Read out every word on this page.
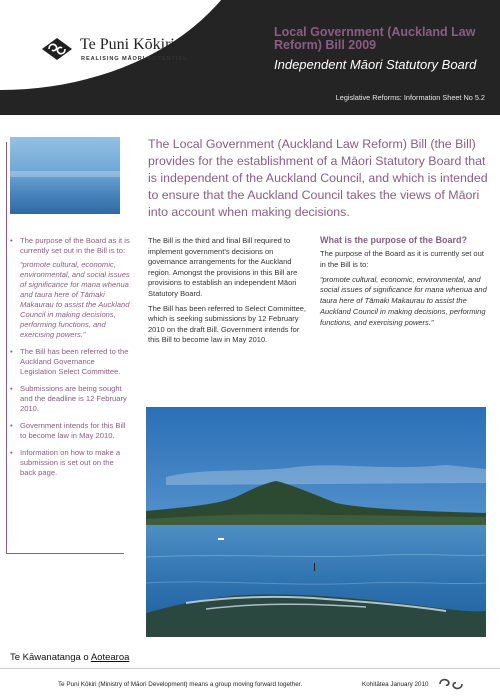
Te Puni Kōkiri
REALISING MĀORI POTENTIAL
Local Government (Auckland Law Reform) Bill 2009
Independent Māori Statutory Board
Legislative Reforms: Information Sheet No 5.2
• The purpose of the Board as it is currently set out in the Bill is to:
“promote cultural, economic, environmental, and social issues of significance for mana whenua and taura here of Tāmaki Makaurau to assist the Auckland Council in making decisions, performing functions, and exercising powers.”
• The Bill has been referred to the Auckland Governance Legislation Select Committee.
• Submissions are being sought and the deadline is 12 February 2010.
• Government intends for this Bill to become law in May 2010.
• Information on how to make a submission is set out on the back page.
The Local Government (Auckland Law Reform) Bill (the Bill) provides for the establishment of a Māori Statutory Board that is independent of the Auckland Council, and which is intended to ensure that the Auckland Council takes the views of Māori into account when making decisions.

The Bill is the third and final Bill required to implement government’s decisions on governance arrangements for the Auckland region. Amongst the provisions in this Bill are provisions to establish an independent Māori Statutory Board.

The Bill has been referred to Select Committee, which is seeking submissions by 12 February 2010 on the draft Bill. Government intends for this Bill to become law in May 2010.

What is the purpose of the Board?

The purpose of the Board as it is currently set out in the Bill is to:

“promote cultural, economic, environmental, and social issues of significance for mana whenua and taura here of Tāmaki Makaurau to assist the Auckland Council in making decisions, performing functions, and exercising powers.”

Te Kāwanatanga o Aotearoa
Te Puni Kōkiri (Ministry of Māori Development) means a group moving forward together.	Kohitātea January 2010
